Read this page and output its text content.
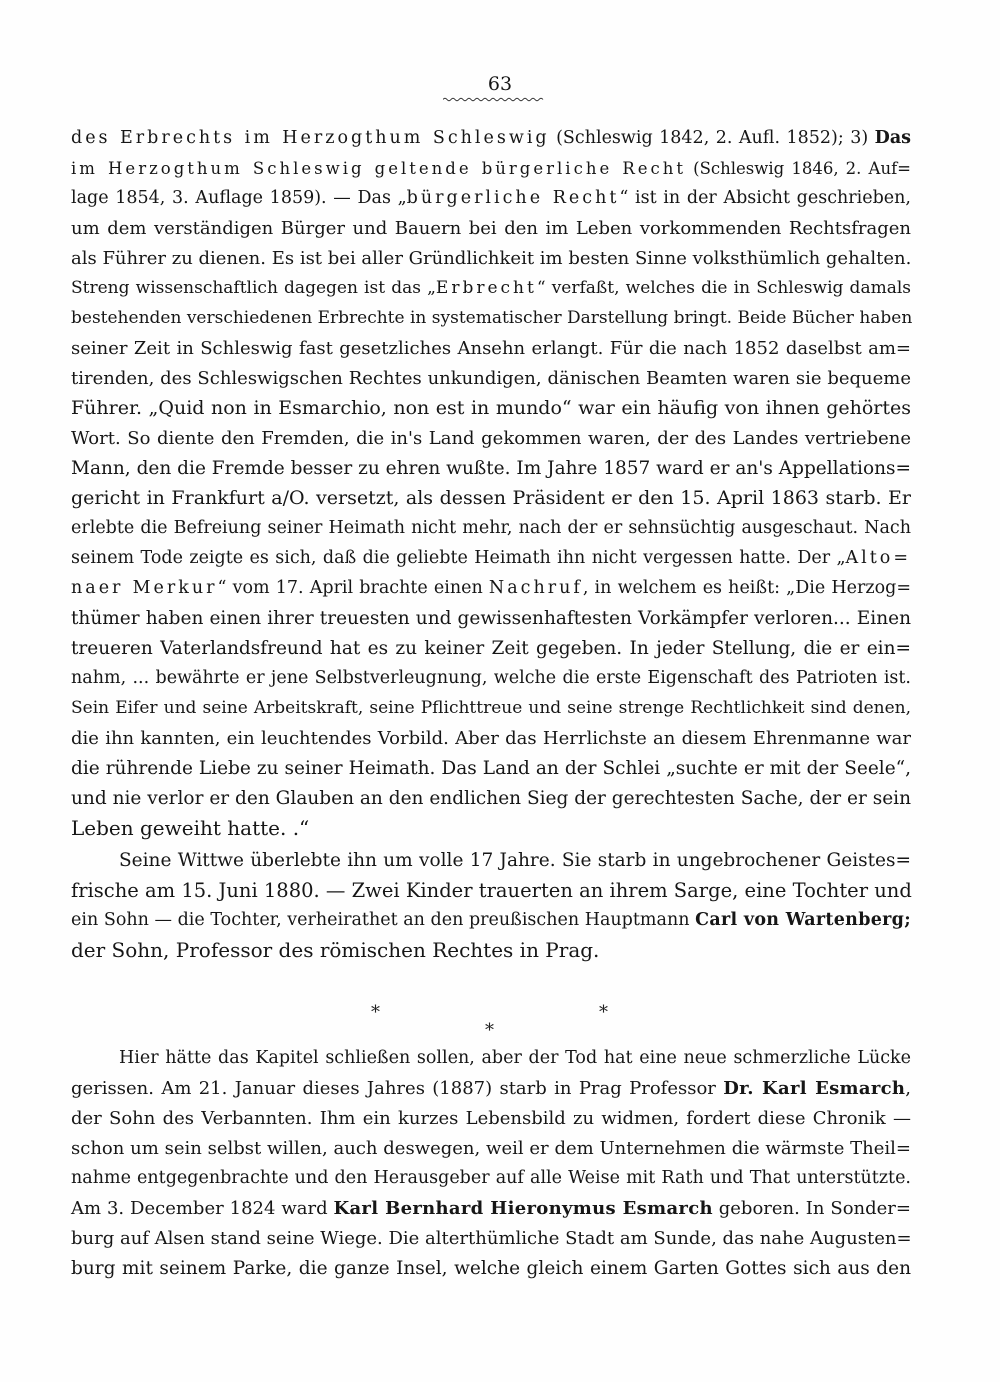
63
des Erbrechts im Herzogthum Schleswig (Schleswig 1842, 2. Aufl. 1852); 3) Das
im Herzogthum Schleswig geltende bürgerliche Recht (Schleswig 1846, 2. Auf=
lage 1854, 3. Auflage 1859). — Das „bürgerliche Recht“ ist in der Absicht geschrieben,
um dem verständigen Bürger und Bauern bei den im Leben vorkommenden Rechtsfragen
als Führer zu dienen. Es ist bei aller Gründlichkeit im besten Sinne volksthümlich gehalten.
Streng wissenschaftlich dagegen ist das „Erbrecht“ verfaßt, welches die in Schleswig damals
bestehenden verschiedenen Erbrechte in systematischer Darstellung bringt. Beide Bücher haben
seiner Zeit in Schleswig fast gesetzliches Ansehn erlangt. Für die nach 1852 daselbst am=
tirenden, des Schleswigschen Rechtes unkundigen, dänischen Beamten waren sie bequeme
Führer. „Quid non in Esmarchio, non est in mundo“ war ein häufig von ihnen gehörtes
Wort. So diente den Fremden, die in's Land gekommen waren, der des Landes vertriebene
Mann, den die Fremde besser zu ehren wußte. Im Jahre 1857 ward er an's Appellations=
gericht in Frankfurt a/O. versetzt, als dessen Präsident er den 15. April 1863 starb. Er
erlebte die Befreiung seiner Heimath nicht mehr, nach der er sehnsüchtig ausgeschaut. Nach
seinem Tode zeigte es sich, daß die geliebte Heimath ihn nicht vergessen hatte. Der „Alto=
naer Merkur“ vom 17. April brachte einen Nachruf, in welchem es heißt: „Die Herzog=
thümer haben einen ihrer treuesten und gewissenhaftesten Vorkämpfer verloren... Einen
treueren Vaterlandsfreund hat es zu keiner Zeit gegeben. In jeder Stellung, die er ein=
nahm, ... bewährte er jene Selbstverleugnung, welche die erste Eigenschaft des Patrioten ist.
Sein Eifer und seine Arbeitskraft, seine Pflichttreue und seine strenge Rechtlichkeit sind denen,
die ihn kannten, ein leuchtendes Vorbild. Aber das Herrlichste an diesem Ehrenmanne war
die rührende Liebe zu seiner Heimath. Das Land an der Schlei „suchte er mit der Seele“,
und nie verlor er den Glauben an den endlichen Sieg der gerechtesten Sache, der er sein
Leben geweiht hatte. .“
Seine Wittwe überlebte ihn um volle 17 Jahre. Sie starb in ungebrochener Geistes=
frische am 15. Juni 1880. — Zwei Kinder trauerten an ihrem Sarge, eine Tochter und
ein Sohn — die Tochter, verheirathet an den preußischen Hauptmann Carl von Wartenberg;
der Sohn, Professor des römischen Rechtes in Prag.
*
*
*
Hier hätte das Kapitel schließen sollen, aber der Tod hat eine neue schmerzliche Lücke
gerissen. Am 21. Januar dieses Jahres (1887) starb in Prag Professor Dr. Karl Esmarch,
der Sohn des Verbannten. Ihm ein kurzes Lebensbild zu widmen, fordert diese Chronik —
schon um sein selbst willen, auch deswegen, weil er dem Unternehmen die wärmste Theil=
nahme entgegenbrachte und den Herausgeber auf alle Weise mit Rath und That unterstützte.
Am 3. December 1824 ward Karl Bernhard Hieronymus Esmarch geboren. In Sonder=
burg auf Alsen stand seine Wiege. Die alterthümliche Stadt am Sunde, das nahe Augusten=
burg mit seinem Parke, die ganze Insel, welche gleich einem Garten Gottes sich aus den
